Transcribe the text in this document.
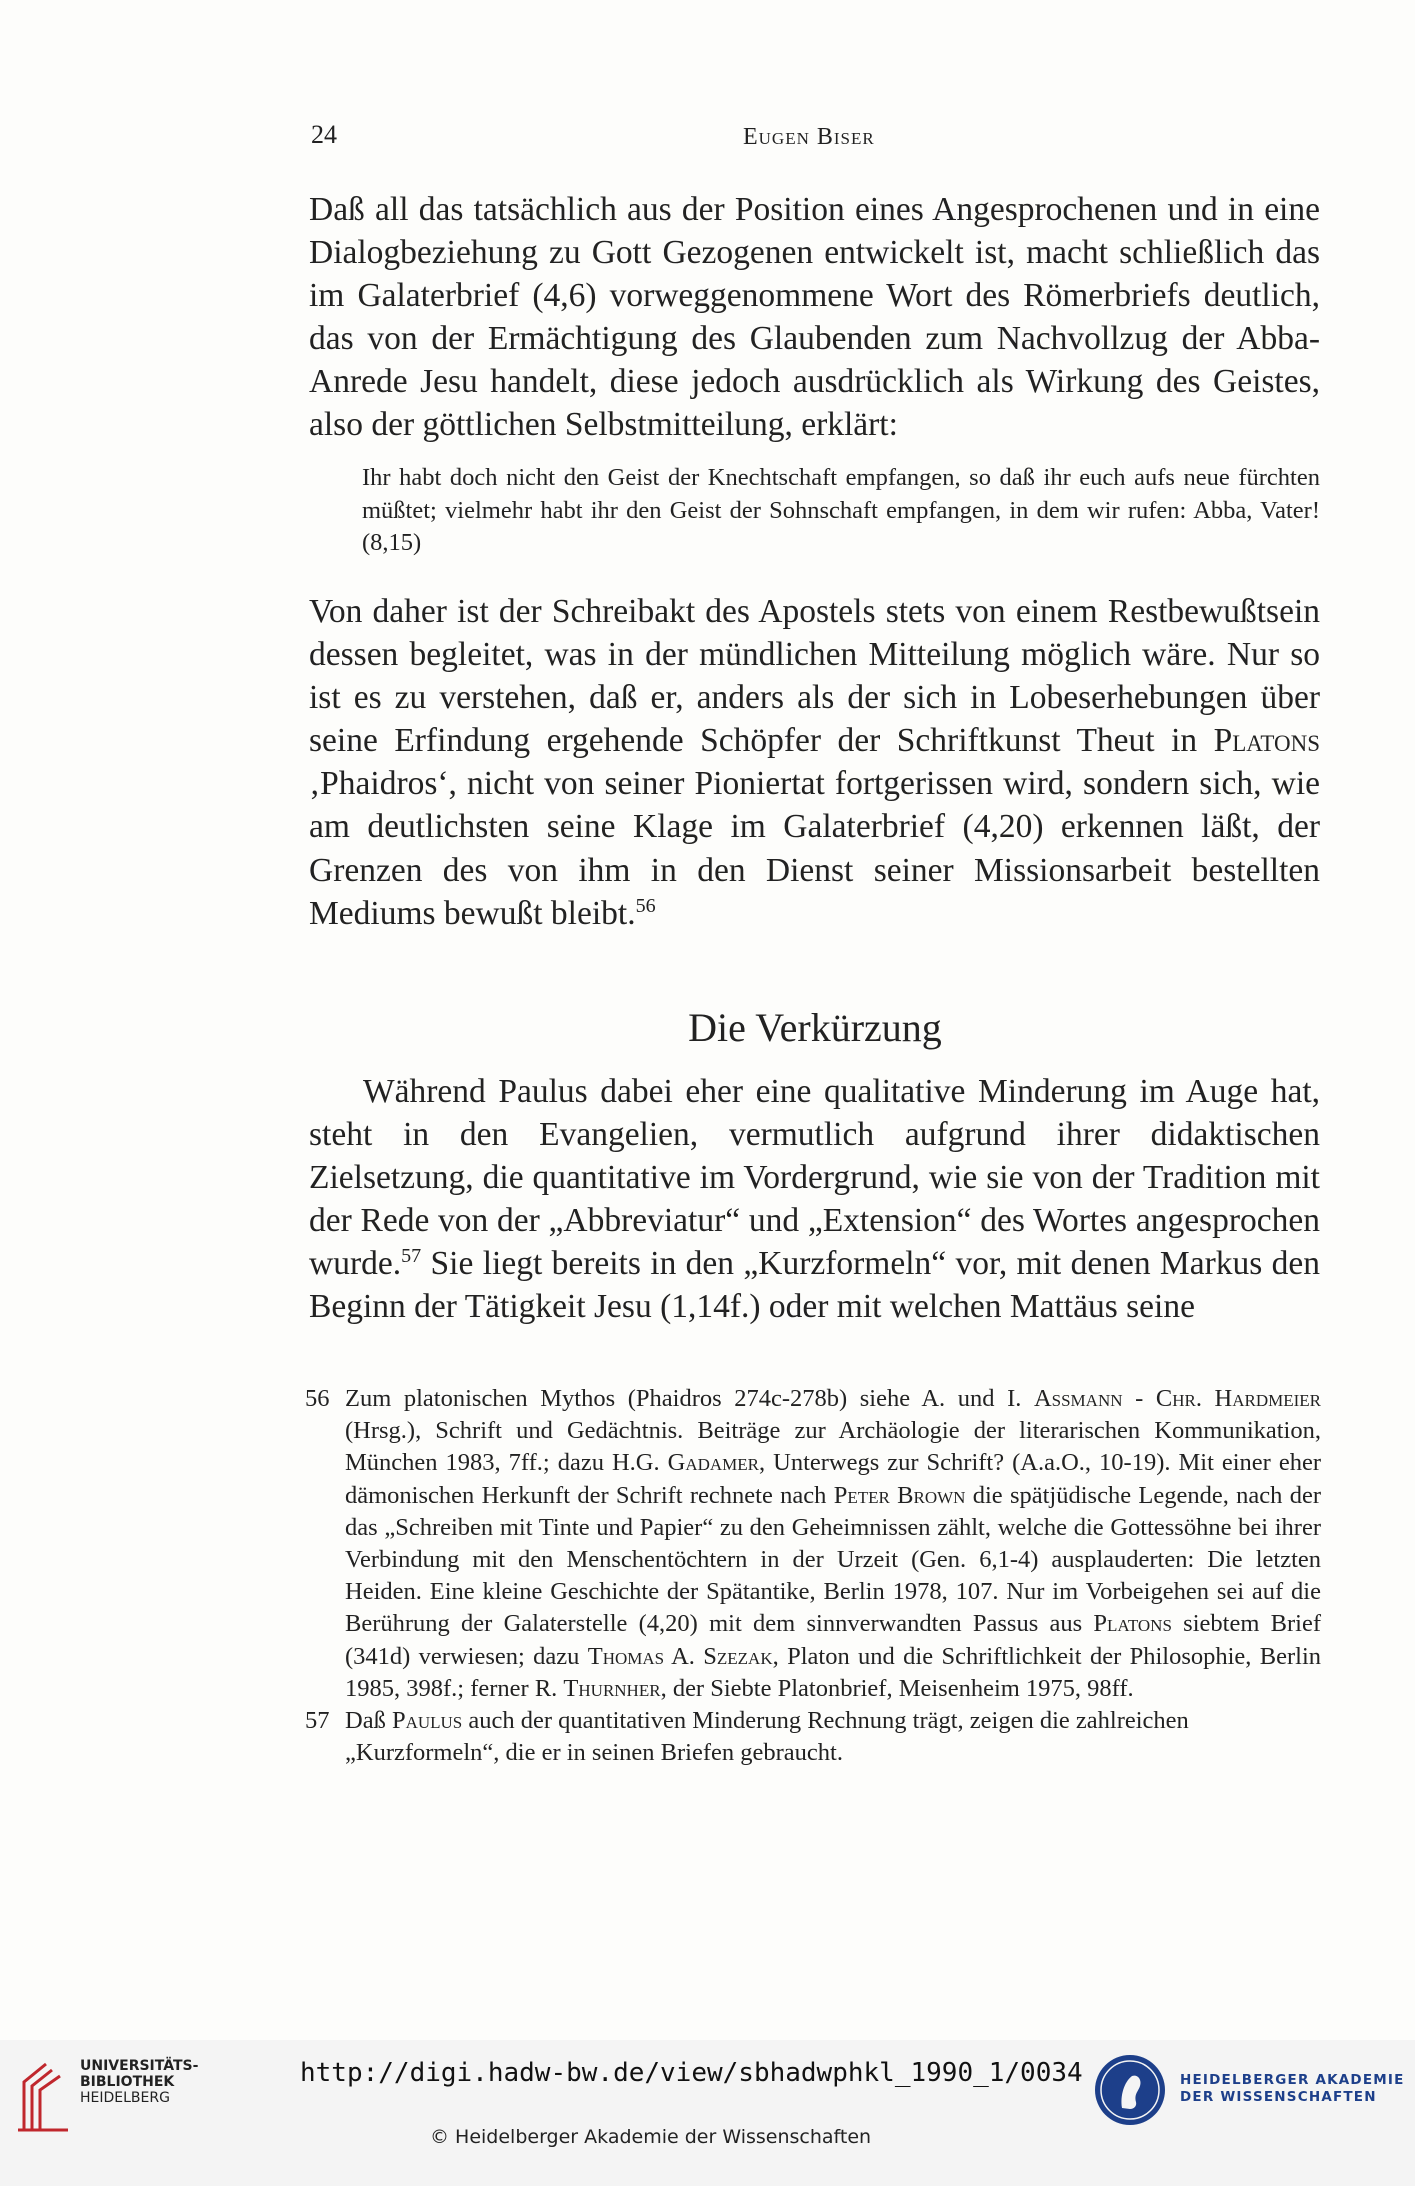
24	Eugen Biser
Daß all das tatsächlich aus der Position eines Angesprochenen und in eine Dialogbeziehung zu Gott Gezogenen entwickelt ist, macht schließlich das im Galaterbrief (4,6) vorweggenommene Wort des Römerbriefs deutlich, das von der Ermächtigung des Glaubenden zum Nachvollzug der Abba-Anrede Jesu handelt, diese jedoch ausdrücklich als Wirkung des Geistes, also der göttlichen Selbstmitteilung, erklärt:
Ihr habt doch nicht den Geist der Knechtschaft empfangen, so daß ihr euch aufs neue fürchten müßtet; vielmehr habt ihr den Geist der Sohnschaft empfangen, in dem wir rufen: Abba, Vater! (8,15)
Von daher ist der Schreibakt des Apostels stets von einem Restbewußtsein dessen begleitet, was in der mündlichen Mitteilung möglich wäre. Nur so ist es zu verstehen, daß er, anders als der sich in Lobeserhebungen über seine Erfindung ergehende Schöpfer der Schriftkunst Theut in Platons ‚Phaidros‘, nicht von seiner Pioniertat fortgerissen wird, sondern sich, wie am deutlichsten seine Klage im Galaterbrief (4,20) erkennen läßt, der Grenzen des von ihm in den Dienst seiner Missionsarbeit bestellten Mediums bewußt bleibt.$^{56}$
Die Verkürzung
Während Paulus dabei eher eine qualitative Minderung im Auge hat, steht in den Evangelien, vermutlich aufgrund ihrer didaktischen Zielsetzung, die quantitative im Vordergrund, wie sie von der Tradition mit der Rede von der „Abbreviatur“ und „Extension“ des Wortes angesprochen wurde.$^{57}$ Sie liegt bereits in den „Kurzformeln“ vor, mit denen Markus den Beginn der Tätigkeit Jesu (1,14f.) oder mit welchen Mattäus seine
56 Zum platonischen Mythos (Phaidros 274c-278b) siehe A. und I. Assmann - Chr. Hardmeier (Hrsg.), Schrift und Gedächtnis. Beiträge zur Archäologie der literarischen Kommunikation, München 1983, 7ff.; dazu H.G. Gadamer, Unterwegs zur Schrift? (A.a.O., 10-19). Mit einer eher dämonischen Herkunft der Schrift rechnete nach Peter Brown die spätjüdische Legende, nach der das „Schreiben mit Tinte und Papier“ zu den Geheimnissen zählt, welche die Gottessöhne bei ihrer Verbindung mit den Menschentöchtern in der Urzeit (Gen. 6,1-4) ausplauderten: Die letzten Heiden. Eine kleine Geschichte der Spätantike, Berlin 1978, 107. Nur im Vorbeigehen sei auf die Berührung der Galaterstelle (4,20) mit dem sinnverwandten Passus aus Platons siebtem Brief (341d) verwiesen; dazu Thomas A. Szezak, Platon und die Schriftlichkeit der Philosophie, Berlin 1985, 398f.; ferner R. Thurnher, der Siebte Platonbrief, Meisenheim 1975, 98ff.
57 Daß Paulus auch der quantitativen Minderung Rechnung trägt, zeigen die zahlreichen „Kurzformeln“, die er in seinen Briefen gebraucht.
UNIVERSITÄTS-
BIBLIOTHEK
HEIDELBERG
http://digi.hadw-bw.de/view/sbhadwphkl_1990_1/0034
© Heidelberger Akademie der Wissenschaften
HEIDELBERGER AKADEMIE
DER WISSENSCHAFTEN
